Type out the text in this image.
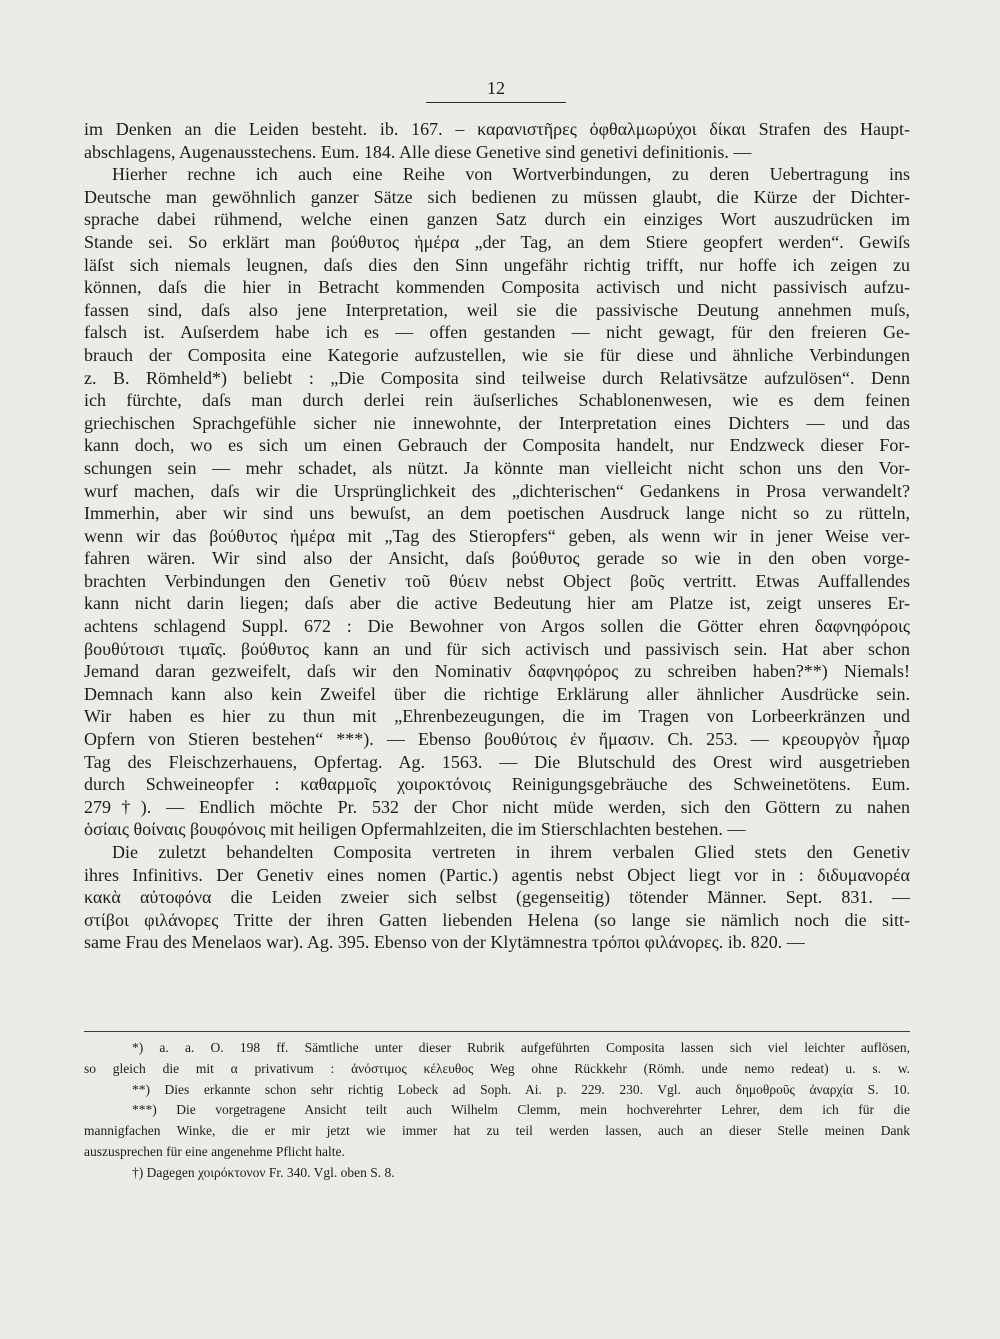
12
im Denken an die Leiden besteht. ib. 167. – καρανιστῆρες ὀφθαλμωρύχοι δίκαι Strafen des Haupt-
abschlagens, Augenausstechens. Eum. 184. Alle diese Genetive sind genetivi definitionis. —
Hierher rechne ich auch eine Reihe von Wortverbindungen, zu deren Uebertragung ins
Deutsche man gewöhnlich ganzer Sätze sich bedienen zu müssen glaubt, die Kürze der Dichter-
sprache dabei rühmend, welche einen ganzen Satz durch ein einziges Wort auszudrücken im
Stande sei. So erklärt man βούθυτος ἡμέρα „der Tag, an dem Stiere geopfert werden“. Gewiſs
läſst sich niemals leugnen, daſs dies den Sinn ungefähr richtig trifft, nur hoffe ich zeigen zu
können, daſs die hier in Betracht kommenden Composita activisch und nicht passivisch aufzu-
fassen sind, daſs also jene Interpretation, weil sie die passivische Deutung annehmen muſs,
falsch ist. Auſserdem habe ich es — offen gestanden — nicht gewagt, für den freieren Ge-
brauch der Composita eine Kategorie aufzustellen, wie sie für diese und ähnliche Verbindungen
z. B. Römheld*) beliebt : „Die Composita sind teilweise durch Relativsätze aufzulösen“. Denn
ich fürchte, daſs man durch derlei rein äuſserliches Schablonenwesen, wie es dem feinen
griechischen Sprachgefühle sicher nie innewohnte, der Interpretation eines Dichters — und das
kann doch, wo es sich um einen Gebrauch der Composita handelt, nur Endzweck dieser For-
schungen sein — mehr schadet, als nützt. Ja könnte man vielleicht nicht schon uns den Vor-
wurf machen, daſs wir die Ursprünglichkeit des „dichterischen“ Gedankens in Prosa verwandelt?
Immerhin, aber wir sind uns bewuſst, an dem poetischen Ausdruck lange nicht so zu rütteln,
wenn wir das βούθυτος ἡμέρα mit „Tag des Stieropfers“ geben, als wenn wir in jener Weise ver-
fahren wären. Wir sind also der Ansicht, daſs βούθυτος gerade so wie in den oben vorge-
brachten Verbindungen den Genetiv τοῦ θύειν nebst Object βοῦς vertritt. Etwas Auffallendes
kann nicht darin liegen; daſs aber die active Bedeutung hier am Platze ist, zeigt unseres Er-
achtens schlagend Suppl. 672 : Die Bewohner von Argos sollen die Götter ehren δαφνηφόροις
βουθύτοισι τιμαῖς. βούθυτος kann an und für sich activisch und passivisch sein. Hat aber schon
Jemand daran gezweifelt, daſs wir den Nominativ δαφνηφόρος zu schreiben haben?**) Niemals!
Demnach kann also kein Zweifel über die richtige Erklärung aller ähnlicher Ausdrücke sein.
Wir haben es hier zu thun mit „Ehrenbezeugungen, die im Tragen von Lorbeerkränzen und
Opfern von Stieren bestehen“ ***). — Ebenso βουθύτοις ἐν ἤμασιν. Ch. 253. — κρεουργὸν ἦμαρ
Tag des Fleischzerhauens, Opfertag. Ag. 1563. — Die Blutschuld des Orest wird ausgetrieben
durch Schweineopfer : καθαρμοῖς χοιροκτόνοις Reinigungsgebräuche des Schweinetötens. Eum.
279†). — Endlich möchte Pr. 532 der Chor nicht müde werden, sich den Göttern zu nahen
ὁσίαις θοίναις βουφόνοις mit heiligen Opfermahlzeiten, die im Stierschlachten bestehen. —
Die zuletzt behandelten Composita vertreten in ihrem verbalen Glied stets den Genetiv
ihres Infinitivs. Der Genetiv eines nomen (Partic.) agentis nebst Object liegt vor in : διδυμανορέα
κακὰ αὐτοφόνα die Leiden zweier sich selbst (gegenseitig) tötender Männer. Sept. 831. —
στίβοι φιλάνορες Tritte der ihren Gatten liebenden Helena (so lange sie nämlich noch die sitt-
same Frau des Menelaos war). Ag. 395. Ebenso von der Klytämnestra τρόποι φιλάνορες. ib. 820. —
*) a. a. O. 198 ff. Sämtliche unter dieser Rubrik aufgeführten Composita lassen sich viel leichter auflösen,
so gleich die mit α privativum : ἀνόστιμος κέλευθος Weg ohne Rückkehr (Römh. unde nemo redeat) u. s. w.
**) Dies erkannte schon sehr richtig Lobeck ad Soph. Ai. p. 229. 230. Vgl. auch δημοθροῦς ἀναρχία S. 10.
***) Die vorgetragene Ansicht teilt auch Wilhelm Clemm, mein hochverehrter Lehrer, dem ich für die
mannigfachen Winke, die er mir jetzt wie immer hat zu teil werden lassen, auch an dieser Stelle meinen Dank
auszusprechen für eine angenehme Pflicht halte.
†) Dagegen χοιρόκτονον Fr. 340. Vgl. oben S. 8.
